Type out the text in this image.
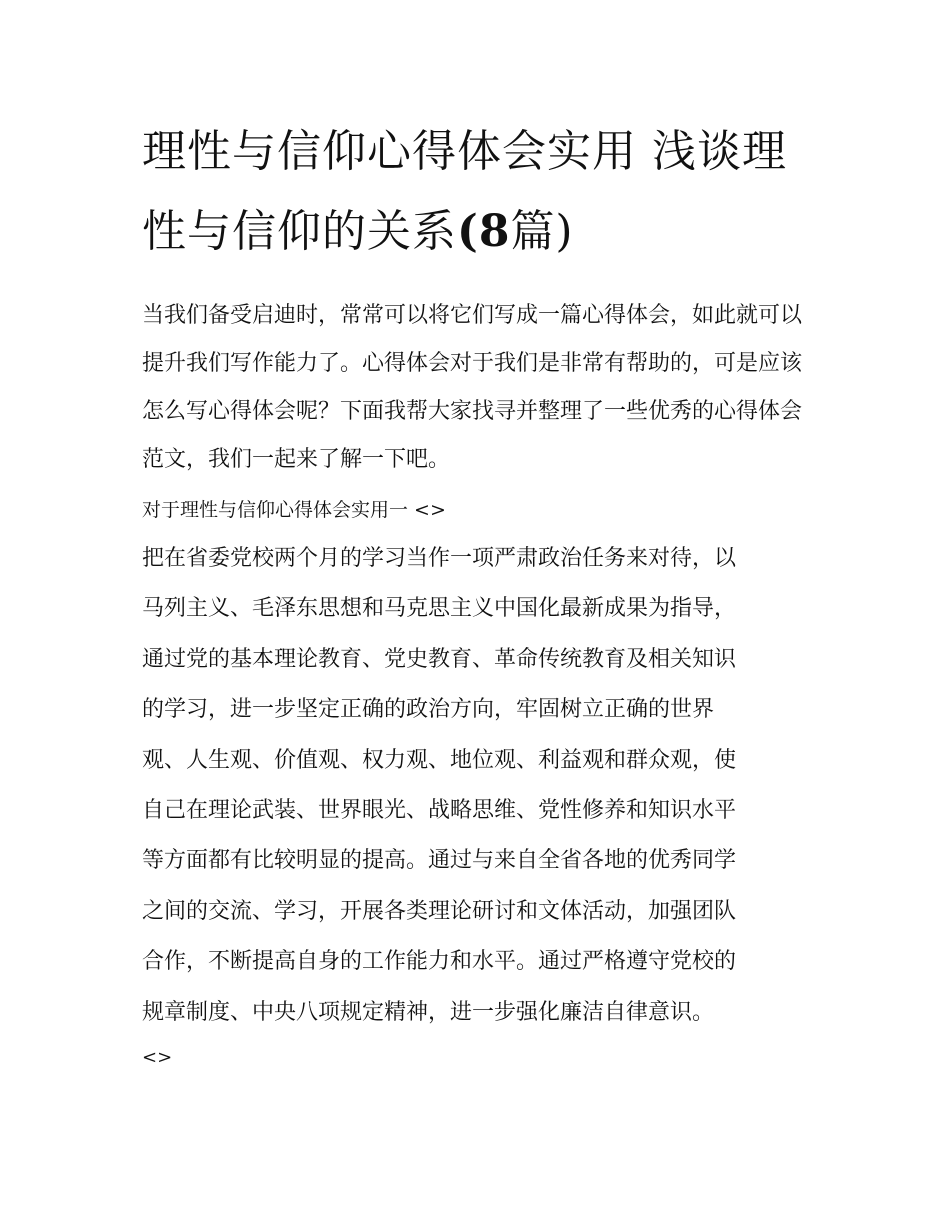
理性与信仰心得体会实用 浅谈理性与信仰的关系(8篇)

当我们备受启迪时，常常可以将它们写成一篇心得体会，如此就可以提升我们写作能力了。心得体会对于我们是非常有帮助的，可是应该怎么写心得体会呢？下面我帮大家找寻并整理了一些优秀的心得体会范文，我们一起来了解一下吧。

对于理性与信仰心得体会实用一 <>

把在省委党校两个月的学习当作一项严肃政治任务来对待，以
马列主义、毛泽东思想和马克思主义中国化最新成果为指导，
通过党的基本理论教育、党史教育、革命传统教育及相关知识
的学习，进一步坚定正确的政治方向，牢固树立正确的世界
观、人生观、价值观、权力观、地位观、利益观和群众观，使
自己在理论武装、世界眼光、战略思维、党性修养和知识水平
等方面都有比较明显的提高。通过与来自全省各地的优秀同学
之间的交流、学习，开展各类理论研讨和文体活动，加强团队
合作，不断提高自身的工作能力和水平。通过严格遵守党校的
规章制度、中央八项规定精神，进一步强化廉洁自律意识。

<>
